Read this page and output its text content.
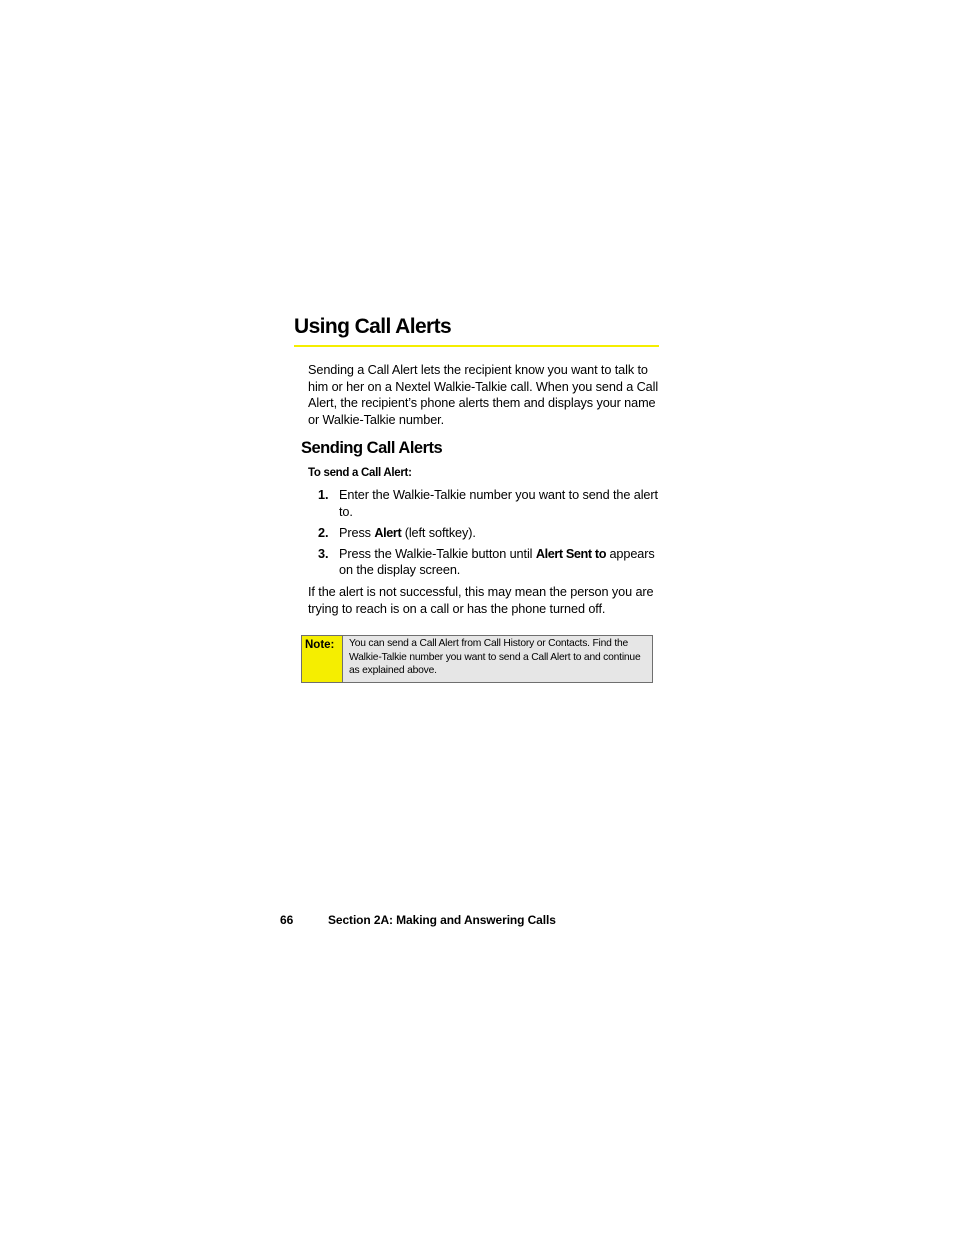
Using Call Alerts

Sending a Call Alert lets the recipient know you want to talk to him or her on a Nextel Walkie-Talkie call. When you send a Call Alert, the recipient’s phone alerts them and displays your name or Walkie-Talkie number.

Sending Call Alerts

To send a Call Alert:

1. Enter the Walkie-Talkie number you want to send the alert to.
2. Press Alert (left softkey).
3. Press the Walkie-Talkie button until Alert Sent to appears on the display screen.

If the alert is not successful, this may mean the person you are trying to reach is on a call or has the phone turned off.

Note:	You can send a Call Alert from Call History or Contacts. Find the Walkie-Talkie number you want to send a Call Alert to and continue as explained above.
66	Section 2A: Making and Answering Calls
